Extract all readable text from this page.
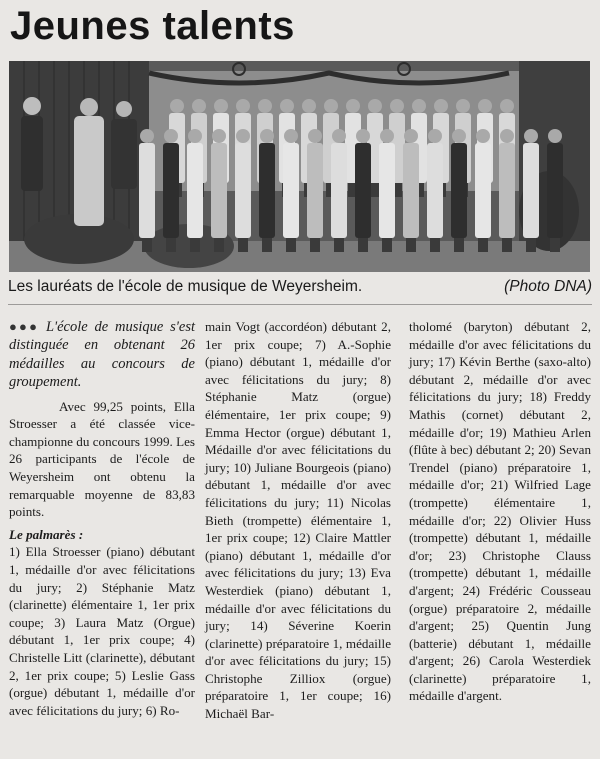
Jeunes talents
Les lauréats de l'école de musique de Weyersheim.	(Photo DNA)

●●● L'école de musique s'est distinguée en obtenant 26 médailles au concours de groupement.

Avec 99,25 points, Ella Stroesser a été classée vice-championne du concours 1999. Les 26 participants de l'école de Weyersheim ont obtenu la remarquable moyenne de 83,83 points.
Le palmarès :

1) Ella Stroesser (piano) débutant 1, médaille d'or avec félicitations du jury; 2) Stéphanie Matz (clarinette) élémentaire 1, 1er prix coupe; 3) Laura Matz (Orgue) débutant 1, 1er prix coupe; 4) Christelle Litt (clarinette), débutant 2, 1er prix coupe; 5) Leslie Gass (orgue) débutant 1, médaille d'or avec félicitations du jury; 6) Ro-

main Vogt (accordéon) débutant 2, 1er prix coupe; 7) A.-Sophie (piano) débutant 1, médaille d'or avec félicitations du jury; 8) Stéphanie Matz (orgue) élémentaire, 1er prix coupe; 9) Emma Hector (orgue) débutant 1, Médaille d'or avec félicitations du jury; 10) Juliane Bourgeois (piano) débutant 1, médaille d'or avec félicitations du jury; 11) Nicolas Bieth (trompette) élémentaire 1, 1er prix coupe; 12) Claire Mattler (piano) débutant 1, médaille d'or avec félicitations du jury; 13) Eva Westerdiek (piano) débutant 1, médaille d'or avec félicitations du jury; 14) Séverine Koerin (clarinette) préparatoire 1, médaille d'or avec félicitations du jury; 15) Christophe Zilliox (orgue) préparatoire 1, 1er coupe; 16) Michaël Bar-

tholomé (baryton) débutant 2, médaille d'or avec félicitations du jury; 17) Kévin Berthe (saxo-alto) débutant 2, médaille d'or avec félicitations du jury; 18) Freddy Mathis (cornet) débutant 2, médaille d'or; 19) Mathieu Arlen (flûte à bec) débutant 2; 20) Sevan Trendel (piano) préparatoire 1, médaille d'or; 21) Wilfried Lage (trompette) élémentaire 1, médaille d'or; 22) Olivier Huss (trompette) débutant 1, médaille d'or; 23) Christophe Clauss (trompette) débutant 1, médaille d'argent; 24) Frédéric Cousseau (orgue) préparatoire 2, médaille d'argent; 25) Quentin Jung (batterie) débutant 1, médaille d'argent; 26) Carola Westerdiek (clarinette) préparatoire 1, médaille d'argent.
